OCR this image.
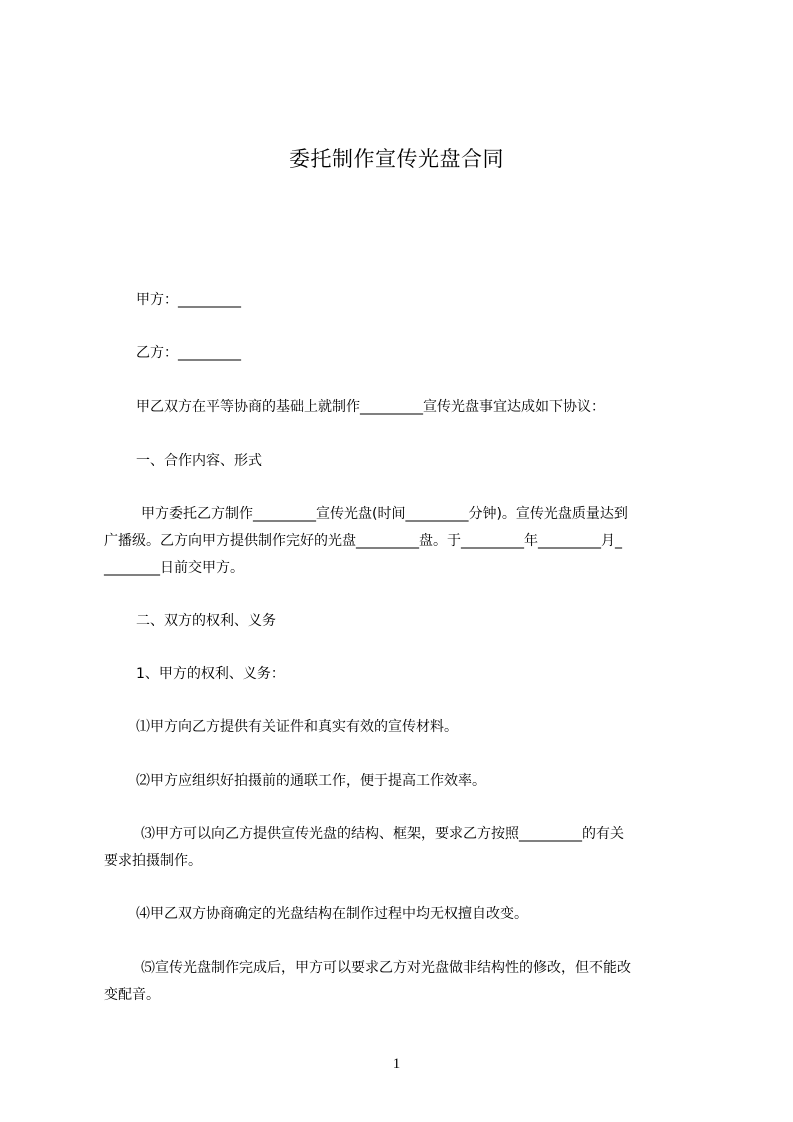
委托制作宣传光盘合同
甲方：_________
乙方：_________
甲乙双方在平等协商的基础上就制作_________宣传光盘事宜达成如下协议：
一、合作内容、形式
甲方委托乙方制作_________宣传光盘(时间_________分钟)。宣传光盘质量达到
广播级。乙方向甲方提供制作完好的光盘_________盘。于_________年_________月_
________日前交甲方。
二、双方的权利、义务
1、甲方的权利、义务：
⑴甲方向乙方提供有关证件和真实有效的宣传材料。
⑵甲方应组织好拍摄前的通联工作，便于提高工作效率。
⑶甲方可以向乙方提供宣传光盘的结构、框架，要求乙方按照_________的有关
要求拍摄制作。
⑷甲乙双方协商确定的光盘结构在制作过程中均无权擅自改变。
⑸宣传光盘制作完成后，甲方可以要求乙方对光盘做非结构性的修改，但不能改
变配音。
1
